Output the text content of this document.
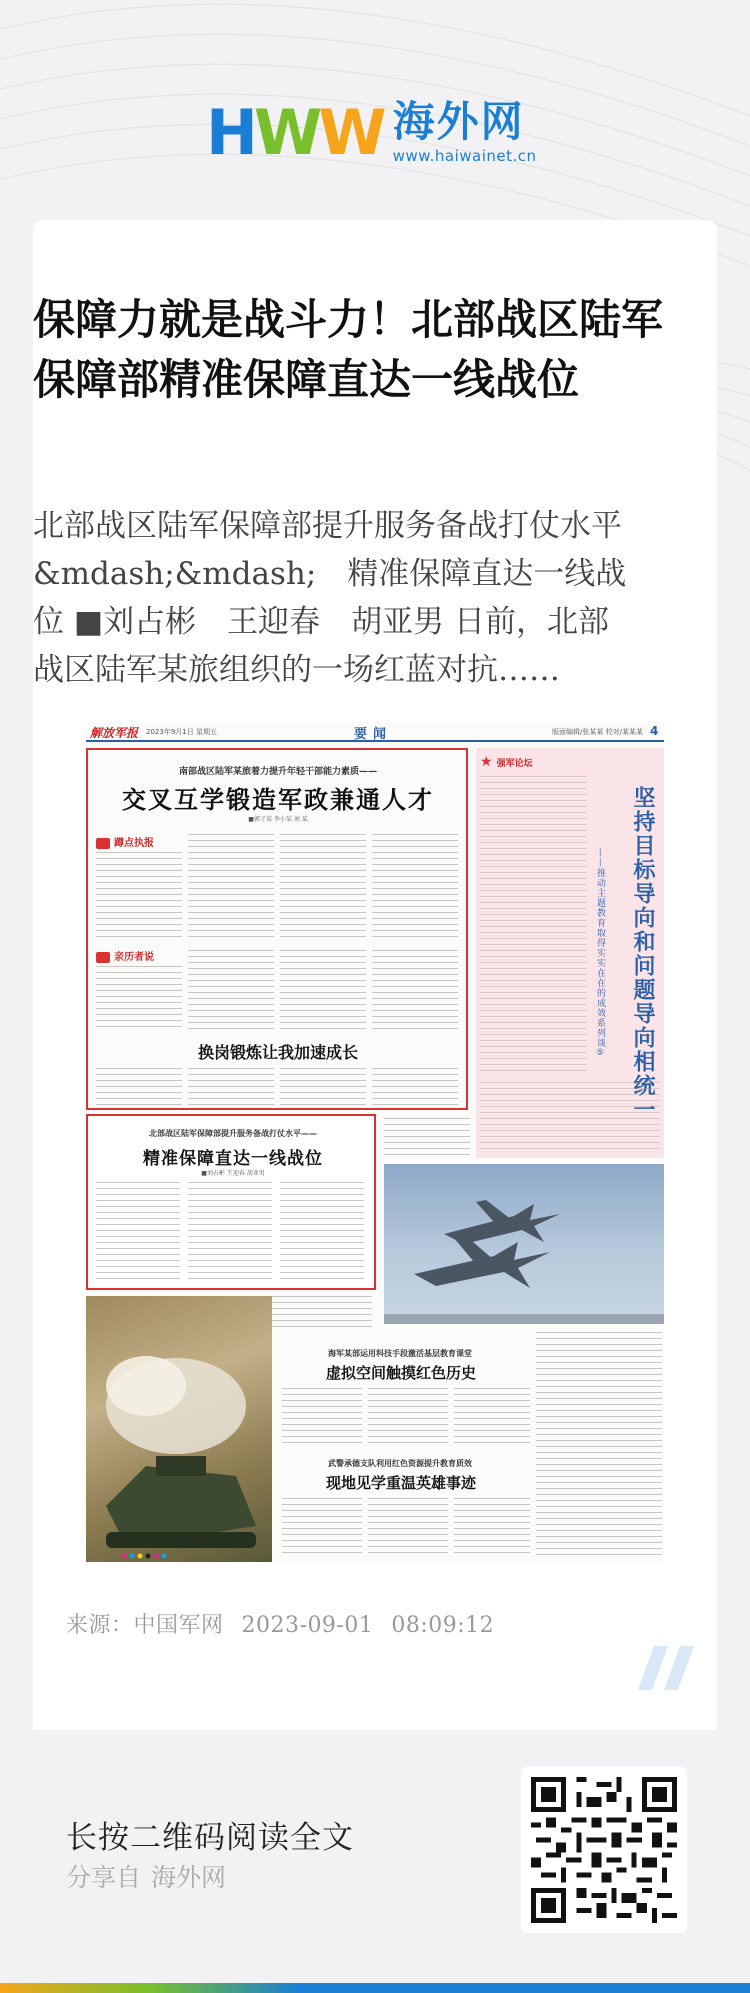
H W W 海外网
www.haiwainet.cn
保障力就是战斗力！北部战区陆军保障部精准保障直达一线战位
北部战区陆军保障部提升服务备战打仗水平
&mdash;&mdash;　精准保障直达一线战
位 ■刘占彬　王迎春　胡亚男 日前，北部
战区陆军某旅组织的一场红蓝对抗……
解放军报 2023年9月1日 星期五	要闻	版面编辑/张某某 校对/某某某 4
南部战区陆军某旅着力提升年轻干部能力素质——
交叉互学锻造军政兼通人才
■郭子某 李小某 刘 某
蹲点执报
亲历者说
换岗锻炼让我加速成长
★ 强军论坛
坚持目标导向和问题导向相统一
——推动主题教育取得实实在在的成效系列谈⑤
北部战区陆军保障部提升服务备战打仗水平——
精准保障直达一线战位
■刘占彬 王迎春 胡亚男
海军某部运用科技手段激活基层教育课堂
虚拟空间触摸红色历史
武警承德支队利用红色资源提升教育质效
现地见学重温英雄事迹
来源：中国军网 2023-09-01 08:09:12
长按二维码阅读全文
分享自 海外网
